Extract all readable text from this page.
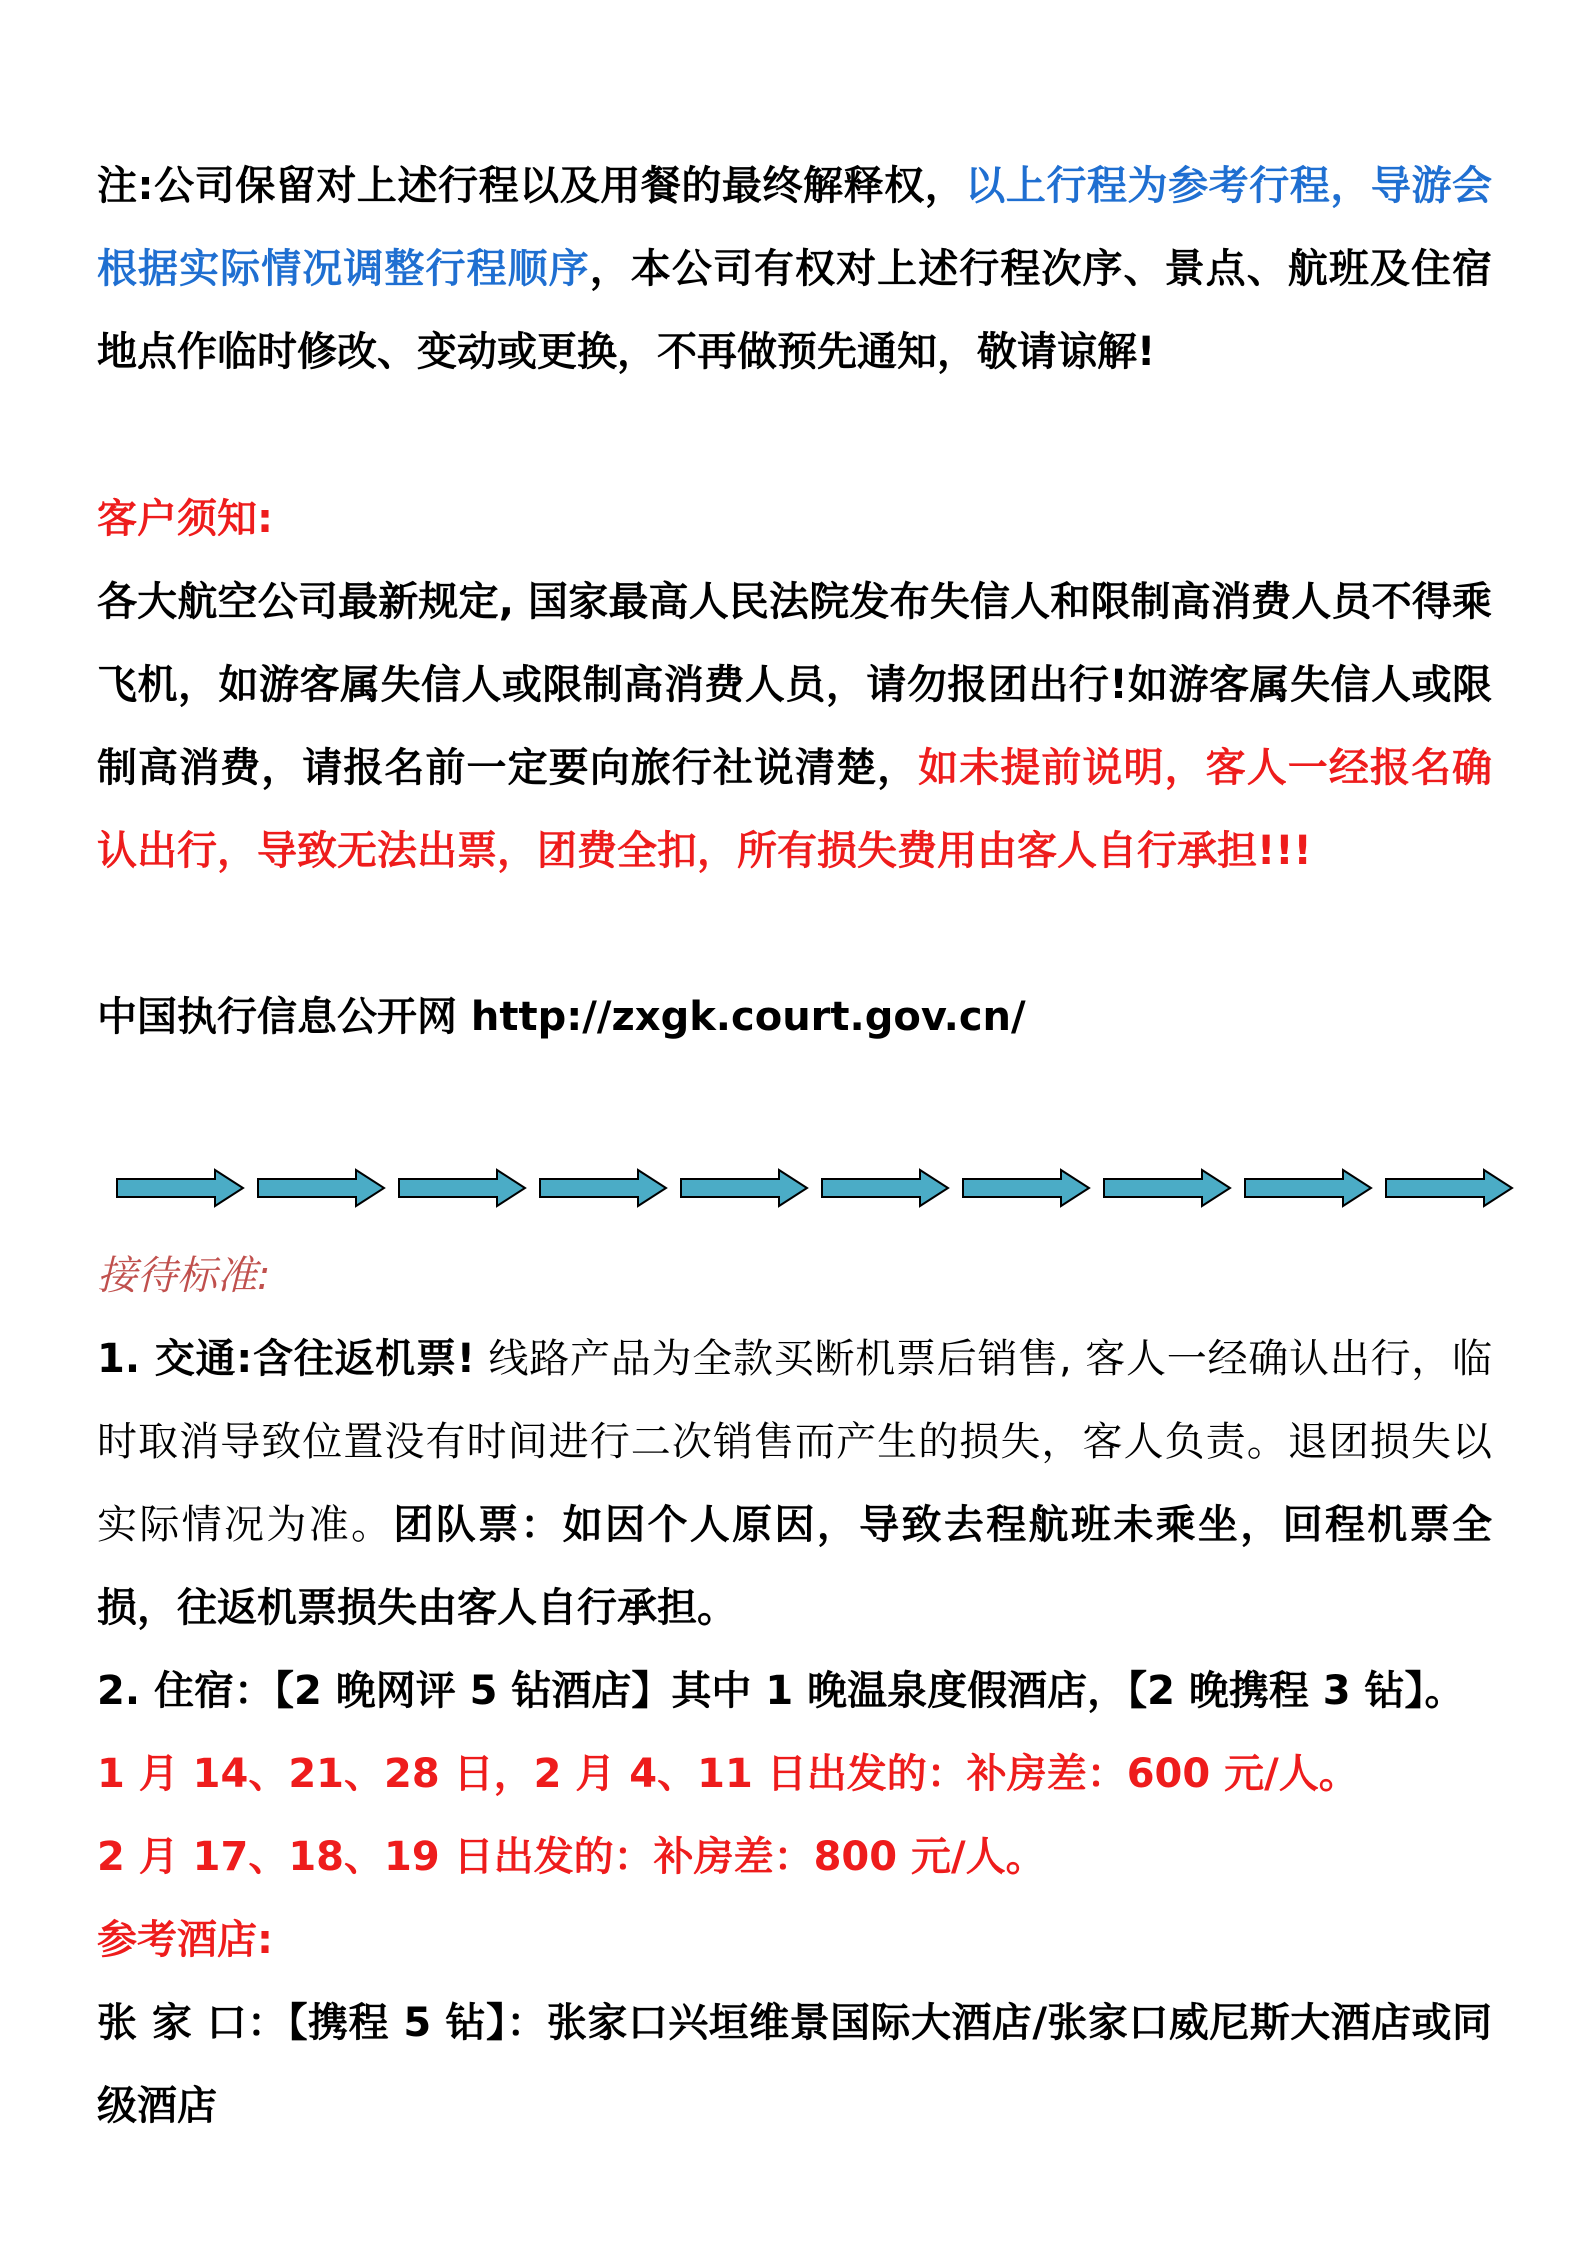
注:公司保留对上述行程以及用餐的最终解释权，以上行程为参考行程，导游会根据实际情况调整行程顺序，本公司有权对上述行程次序、景点、航班及住宿地点作临时修改、变动或更换，不再做预先通知，敬请谅解!

客户须知:

各大航空公司最新规定, 国家最高人民法院发布失信人和限制高消费人员不得乘飞机，如游客属失信人或限制高消费人员，请勿报团出行!如游客属失信人或限制高消费，请报名前一定要向旅行社说清楚，如未提前说明，客人一经报名确认出行，导致无法出票，团费全扣，所有损失费用由客人自行承担!!!

中国执行信息公开网 http://zxgk.court.gov.cn/

接待标准:

1. 交通:含往返机票! 线路产品为全款买断机票后销售, 客人一经确认出行，临时取消导致位置没有时间进行二次销售而产生的损失，客人负责。退团损失以实际情况为准。团队票：如因个人原因，导致去程航班未乘坐，回程机票全损，往返机票损失由客人自行承担。

2. 住宿：【2 晚网评 5 钻酒店】其中 1 晚温泉度假酒店，【2 晚携程 3 钻】。

1 月 14、21、28 日，2 月 4、11 日出发的：补房差：600 元/人。

2 月 17、18、19 日出发的：补房差：800 元/人。

参考酒店:

张 家 口：【携程 5 钻】：张家口兴垣维景国际大酒店/张家口威尼斯大酒店或同级酒店
